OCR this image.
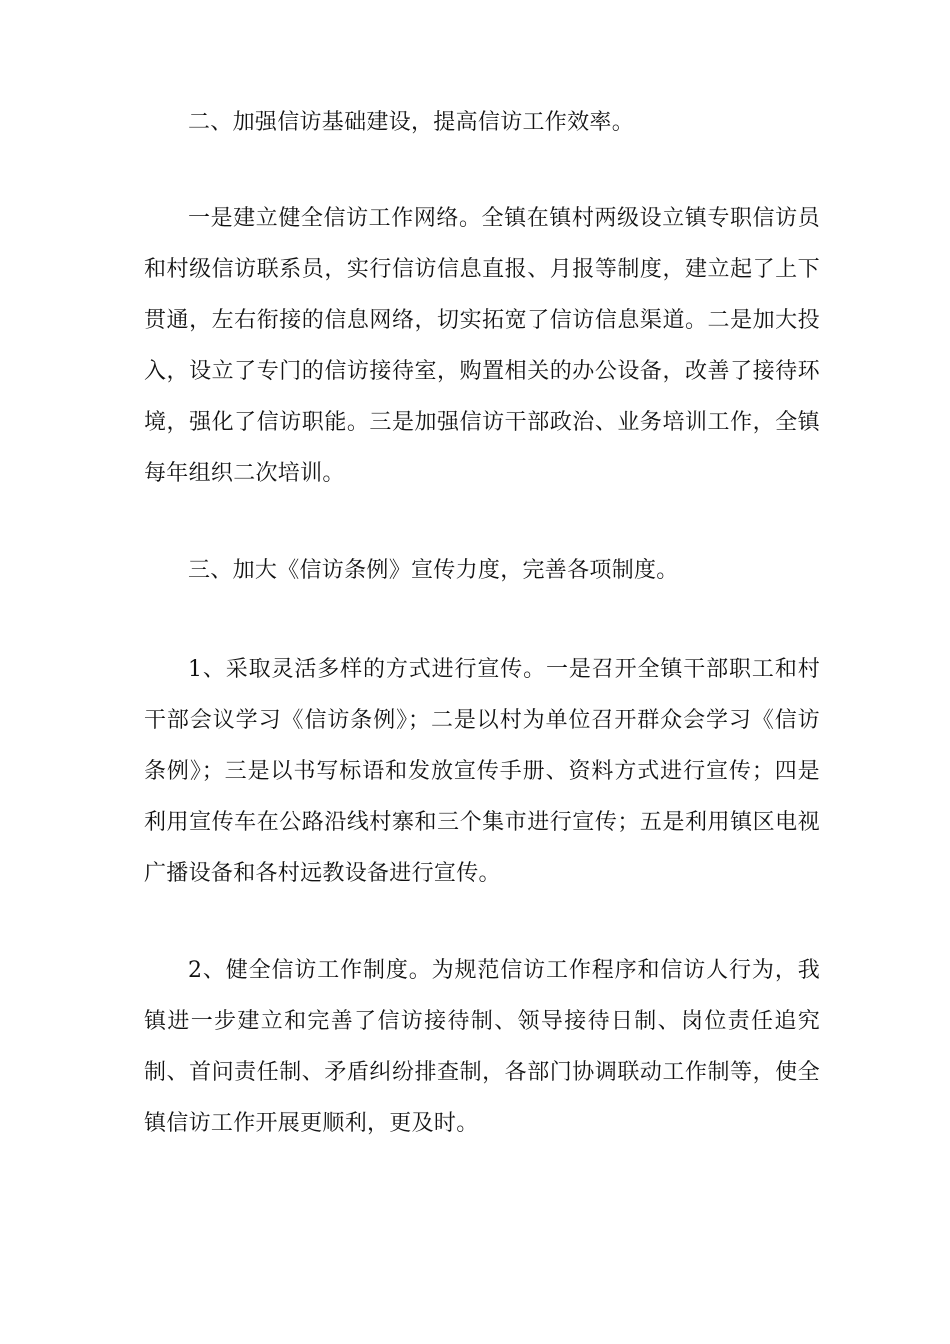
二、加强信访基础建设，提高信访工作效率。

一是建立健全信访工作网络。全镇在镇村两级设立镇专职信访员和村级信访联系员，实行信访信息直报、月报等制度，建立起了上下贯通，左右衔接的信息网络，切实拓宽了信访信息渠道。二是加大投入，设立了专门的信访接待室，购置相关的办公设备，改善了接待环境，强化了信访职能。三是加强信访干部政治、业务培训工作，全镇每年组织二次培训。

三、加大《信访条例》宣传力度，完善各项制度。

1、采取灵活多样的方式进行宣传。一是召开全镇干部职工和村干部会议学习《信访条例》；二是以村为单位召开群众会学习《信访条例》；三是以书写标语和发放宣传手册、资料方式进行宣传；四是利用宣传车在公路沿线村寨和三个集市进行宣传；五是利用镇区电视广播设备和各村远教设备进行宣传。

2、健全信访工作制度。为规范信访工作程序和信访人行为，我镇进一步建立和完善了信访接待制、领导接待日制、岗位责任追究制、首问责任制、矛盾纠纷排查制，各部门协调联动工作制等，使全镇信访工作开展更顺利，更及时。
